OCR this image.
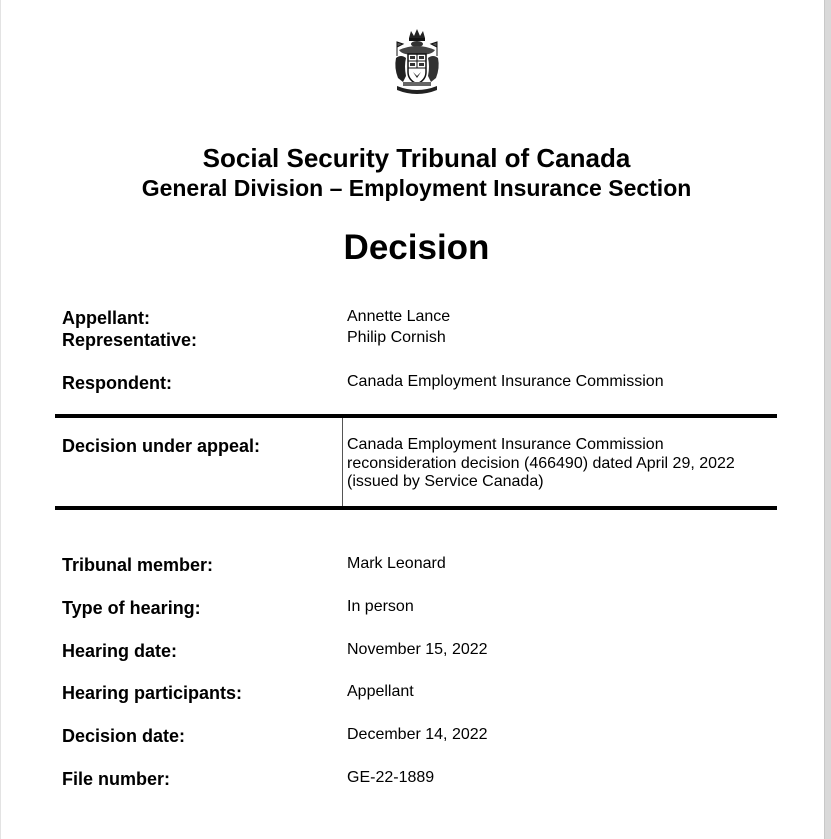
Social Security Tribunal of Canada
General Division – Employment Insurance Section
Decision
Appellant:	Annette Lance
Representative:	Philip Cornish
Respondent:	Canada Employment Insurance Commission
Decision under appeal:	Canada Employment Insurance Commission
reconsideration decision (466490) dated April 29, 2022
(issued by Service Canada)
Tribunal member:	Mark Leonard
Type of hearing:	In person
Hearing date:	November 15, 2022
Hearing participants:	Appellant
Decision date:	December 14, 2022
File number:	GE-22-1889
